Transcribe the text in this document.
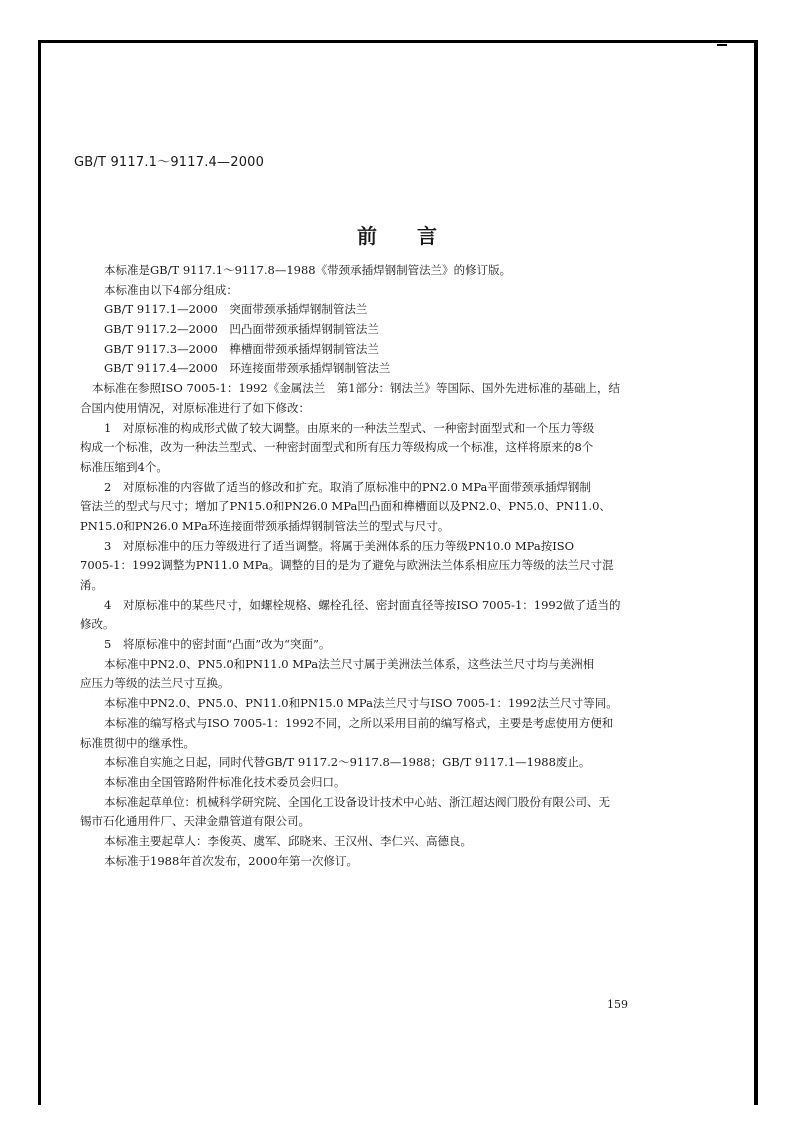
GB/T 9117.1～9117.4—2000
前言
本标准是GB/T 9117.1～9117.8—1988《带颈承插焊钢制管法兰》的修订版。
本标准由以下4部分组成：
GB/T 9117.1—2000　突面带颈承插焊钢制管法兰
GB/T 9117.2—2000　凹凸面带颈承插焊钢制管法兰
GB/T 9117.3—2000　榫槽面带颈承插焊钢制管法兰
GB/T 9117.4—2000　环连接面带颈承插焊钢制管法兰
本标准在参照ISO 7005-1：1992《金属法兰　第1部分：钢法兰》等国际、国外先进标准的基础上，结
合国内使用情况，对原标准进行了如下修改：
1　对原标准的构成形式做了较大调整。由原来的一种法兰型式、一种密封面型式和一个压力等级
构成一个标准，改为一种法兰型式、一种密封面型式和所有压力等级构成一个标准，这样将原来的8个
标准压缩到4个。
2　对原标准的内容做了适当的修改和扩充。取消了原标准中的PN2.0 MPa平面带颈承插焊钢制
管法兰的型式与尺寸；增加了PN15.0和PN26.0 MPa凹凸面和榫槽面以及PN2.0、PN5.0、PN11.0、
PN15.0和PN26.0 MPa环连接面带颈承插焊钢制管法兰的型式与尺寸。
3　对原标准中的压力等级进行了适当调整。将属于美洲体系的压力等级PN10.0 MPa按ISO
7005-1：1992调整为PN11.0 MPa。调整的目的是为了避免与欧洲法兰体系相应压力等级的法兰尺寸混
淆。
4　对原标准中的某些尺寸，如螺栓规格、螺栓孔径、密封面直径等按ISO 7005-1：1992做了适当的
修改。
5　将原标准中的密封面“凸面”改为“突面”。
本标准中PN2.0、PN5.0和PN11.0 MPa法兰尺寸属于美洲法兰体系，这些法兰尺寸均与美洲相
应压力等级的法兰尺寸互换。
本标准中PN2.0、PN5.0、PN11.0和PN15.0 MPa法兰尺寸与ISO 7005-1：1992法兰尺寸等同。
本标准的编写格式与ISO 7005-1：1992不同，之所以采用目前的编写格式，主要是考虑使用方便和
标准贯彻中的继承性。
本标准自实施之日起，同时代替GB/T 9117.2～9117.8—1988；GB/T 9117.1—1988废止。
本标准由全国管路附件标准化技术委员会归口。
本标准起草单位：机械科学研究院、全国化工设备设计技术中心站、浙江超达阀门股份有限公司、无
锡市石化通用件厂、天津金鼎管道有限公司。
本标准主要起草人：李俊英、虞军、邱晓来、王汉州、李仁兴、高德良。
本标准于1988年首次发布，2000年第一次修订。
159
